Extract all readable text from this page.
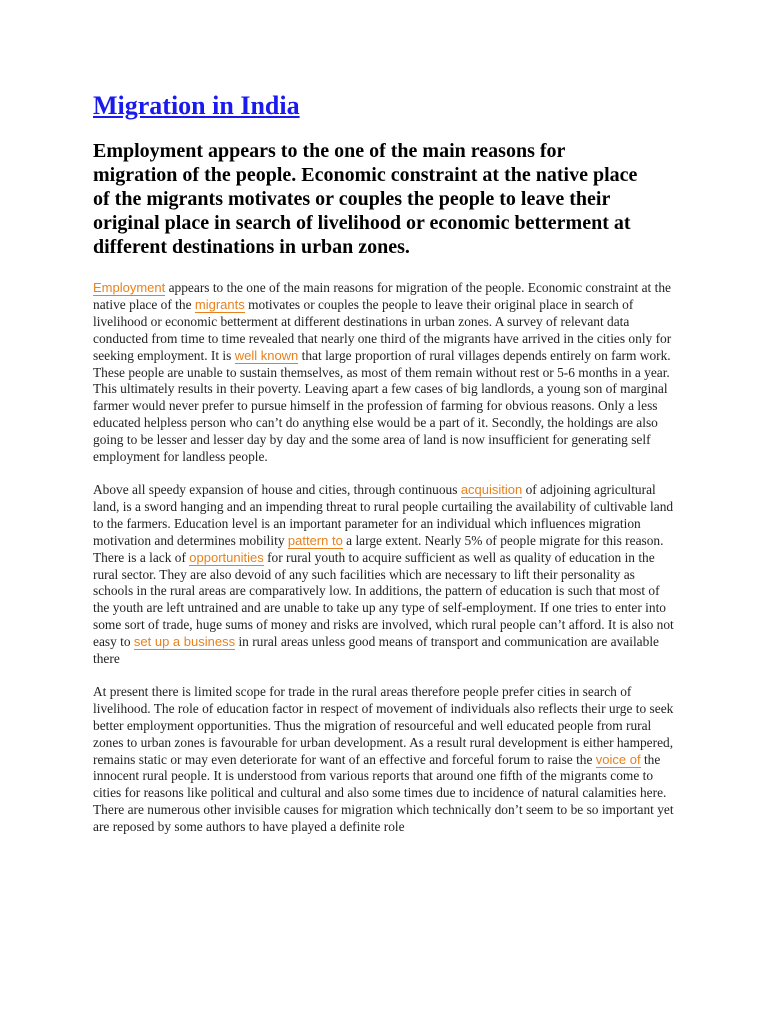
Migration in India

Employment appears to the one of the main reasons for migration of the people. Economic constraint at the native place of the migrants motivates or couples the people to leave their original place in search of livelihood or economic betterment at different destinations in urban zones.

Employment appears to the one of the main reasons for migration of the people. Economic constraint at the native place of the migrants motivates or couples the people to leave their original place in search of livelihood or economic betterment at different destinations in urban zones. A survey of relevant data conducted from time to time revealed that nearly one third of the migrants have arrived in the cities only for seeking employment. It is well known that large proportion of rural villages depends entirely on farm work. These people are unable to sustain themselves, as most of them remain without rest or 5-6 months in a year. This ultimately results in their poverty. Leaving apart a few cases of big landlords, a young son of marginal farmer would never prefer to pursue himself in the profession of farming for obvious reasons. Only a less educated helpless person who can’t do anything else would be a part of it. Secondly, the holdings are also going to be lesser and lesser day by day and the some area of land is now insufficient for generating self employment for landless people.

Above all speedy expansion of house and cities, through continuous acquisition of adjoining agricultural land, is a sword hanging and an impending threat to rural people curtailing the availability of cultivable land to the farmers. Education level is an important parameter for an individual which influences migration motivation and determines mobility pattern to a large extent. Nearly 5% of people migrate for this reason. There is a lack of opportunities for rural youth to acquire sufficient as well as quality of education in the rural sector. They are also devoid of any such facilities which are necessary to lift their personality as schools in the rural areas are comparatively low. In additions, the pattern of education is such that most of the youth are left untrained and are unable to take up any type of self-employment. If one tries to enter into some sort of trade, huge sums of money and risks are involved, which rural people can’t afford. It is also not easy to set up a business in rural areas unless good means of transport and communication are available there

At present there is limited scope for trade in the rural areas therefore people prefer cities in search of livelihood. The role of education factor in respect of movement of individuals also reflects their urge to seek better employment opportunities. Thus the migration of resourceful and well educated people from rural zones to urban zones is favourable for urban development. As a result rural development is either hampered, remains static or may even deteriorate for want of an effective and forceful forum to raise the voice of the innocent rural people. It is understood from various reports that around one fifth of the migrants come to cities for reasons like political and cultural and also some times due to incidence of natural calamities here. There are numerous other invisible causes for migration which technically don’t seem to be so important yet are reposed by some authors to have played a definite role
